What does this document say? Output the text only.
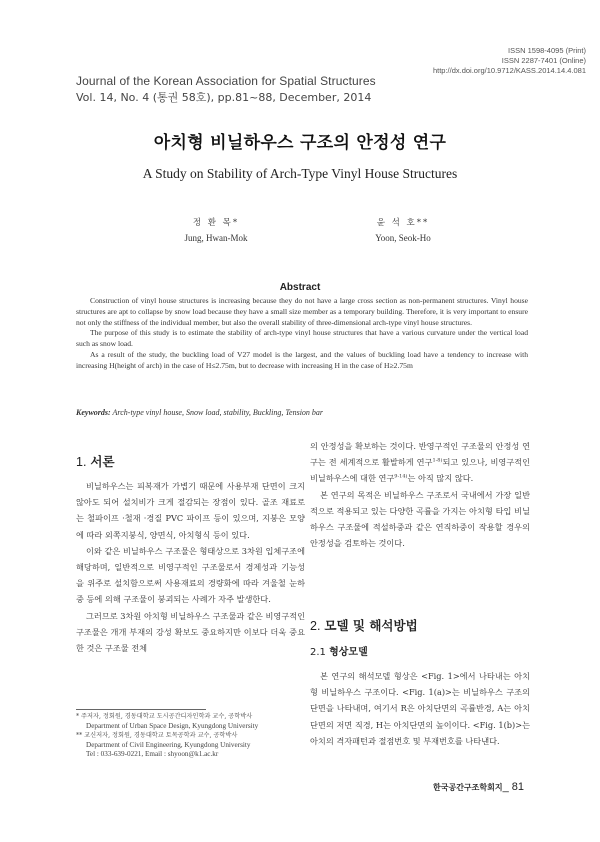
ISSN 1598-4095 (Print)
ISSN 2287-7401 (Online)
http://dx.doi.org/10.9712/KASS.2014.14.4.081
Journal of the Korean Association for Spatial Structures
Vol. 14, No. 4 (통권 58호), pp.81~88, December, 2014
아치형 비닐하우스 구조의 안정성 연구
A Study on Stability of Arch-Type Vinyl House Structures
정 환 목*
Jung, Hwan-Mok
윤 석 호**
Yoon, Seok-Ho
Abstract

Construction of vinyl house structures is increasing because they do not have a large cross section as non-permanent structures. Vinyl house structures are apt to collapse by snow load because they have a small size member as a temporary building. Therefore, it is very important to ensure not only the stiffness of the individual member, but also the overall stability of three-dimensional arch-type vinyl house structures.

The purpose of this study is to estimate the stability of arch-type vinyl house structures that have a various curvature under the vertical load such as snow load.

As a result of the study, the buckling load of V27 model is the largest, and the values of buckling load have a tendency to increase with increasing H(height of arch) in the case of H≤2.75m, but to decrease with increasing H in the case of H≥2.75m

Keywords: Arch-type vinyl house, Snow load, stability, Buckling, Tension bar
1. 서론

비닐하우스는 피복재가 가볍기 때문에 사용부재 단면이 크지 않아도 되어 설치비가 크게 절감되는 장점이 있다. 골조 재료로는 철파이프 ·철재 ·경질 PVC 파이프 등이 있으며, 지붕은 모양에 따라 외쪽지붕식, 양면식, 아치형식 등이 있다.

이와 같은 비닐하우스 구조물은 형태상으로 3차원 입체구조에 해당하며, 일반적으로 비영구적인 구조물로서 경제성과 기능성을 위주로 설치함으로써 사용재료의 경량화에 따라 겨울철 눈하중 등에 의해 구조물이 붕괴되는 사례가 자주 발생한다.

그러므로 3차원 아치형 비닐하우스 구조물과 같은 비영구적인 구조물은 개개 부재의 강성 확보도 중요하지만 이보다 더욱 중요한 것은 구조물 전체

* 주저자, 정회원, 경동대학교 도시공간디자인학과 교수, 공학박사
Department of Urban Space Design, Kyungdong University
** 교신저자, 정회원, 경동대학교 토목공학과 교수, 공학박사
Department of Civil Engineering, Kyungdong University
Tel : 033-639-0221, Email : shyoon@k1.ac.kr

의 안정성을 확보하는 것이다. 반영구적인 구조물의 안정성 연구는 전 세계적으로 활발하게 연구$^{1-8)}$되고 있으나, 비영구적인 비닐하우스에 대한 연구$^{9-14)}$는 아직 많지 않다.

본 연구의 목적은 비닐하우스 구조로서 국내에서 가장 일반적으로 적용되고 있는 다양한 곡률을 가지는 아치형 타입 비닐하우스 구조물에 적설하중과 같은 연직하중이 작용할 경우의 안정성을 검토하는 것이다.

2. 모델 및 해석방법
2.1 형상모델

본 연구의 해석모델 형상은 <Fig. 1>에서 나타내는 아치형 비닐하우스 구조이다. <Fig. 1(a)>는 비닐하우스 구조의 단면을 나타내며, 여기서 R은 아치단면의 곡률반경, A는 아치단면의 저면 직경, H는 아치단면의 높이이다. <Fig. 1(b)>는 아치의 격자패턴과 절점번호 및 부재번호를 나타낸다.

한국공간구조학회지_ 81
